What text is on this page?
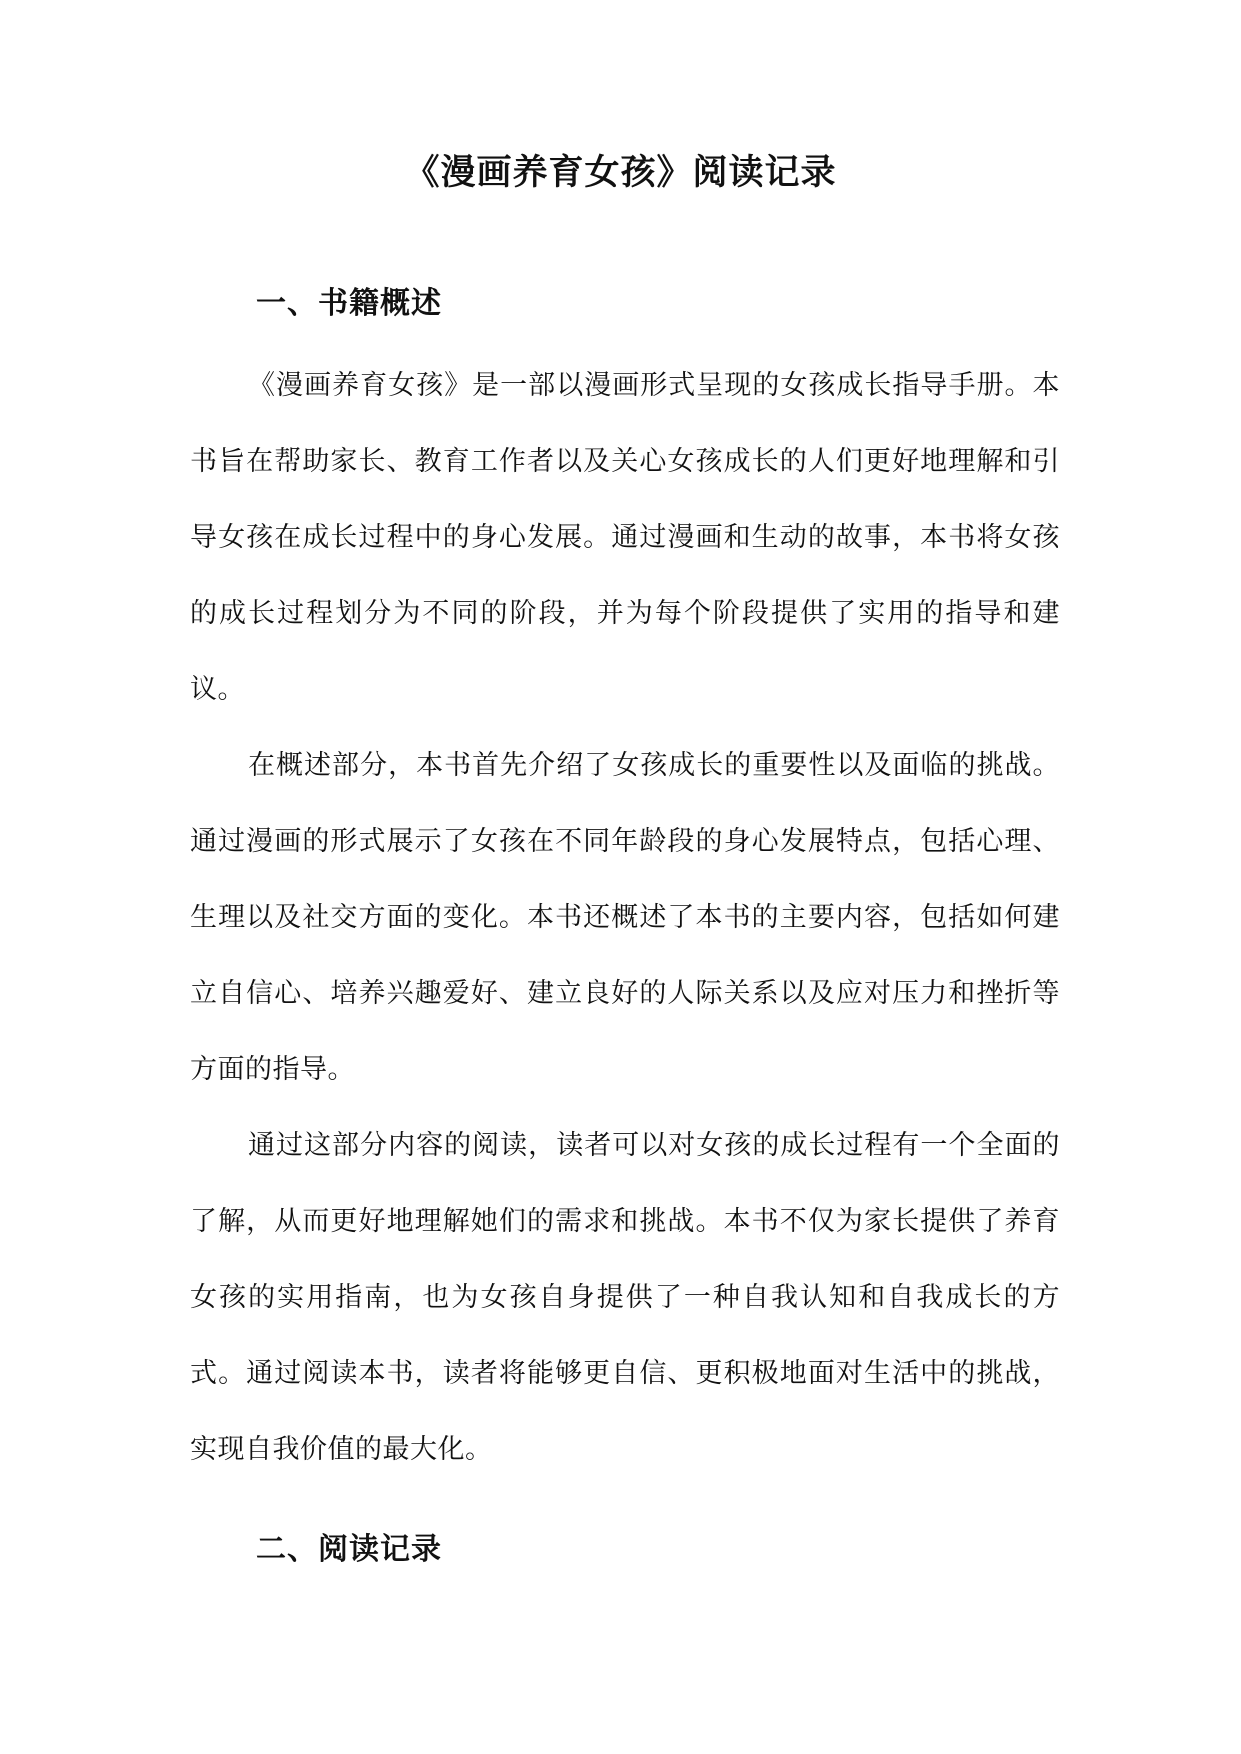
《漫画养育女孩》阅读记录
一、书籍概述

《漫画养育女孩》是一部以漫画形式呈现的女孩成长指导手册。本书旨在帮助家长、教育工作者以及关心女孩成长的人们更好地理解和引导女孩在成长过程中的身心发展。通过漫画和生动的故事，本书将女孩的成长过程划分为不同的阶段，并为每个阶段提供了实用的指导和建议。

在概述部分，本书首先介绍了女孩成长的重要性以及面临的挑战。通过漫画的形式展示了女孩在不同年龄段的身心发展特点，包括心理、生理以及社交方面的变化。本书还概述了本书的主要内容，包括如何建立自信心、培养兴趣爱好、建立良好的人际关系以及应对压力和挫折等方面的指导。

通过这部分内容的阅读，读者可以对女孩的成长过程有一个全面的了解，从而更好地理解她们的需求和挑战。本书不仅为家长提供了养育女孩的实用指南，也为女孩自身提供了一种自我认知和自我成长的方式。通过阅读本书，读者将能够更自信、更积极地面对生活中的挑战，实现自我价值的最大化。

二、阅读记录
